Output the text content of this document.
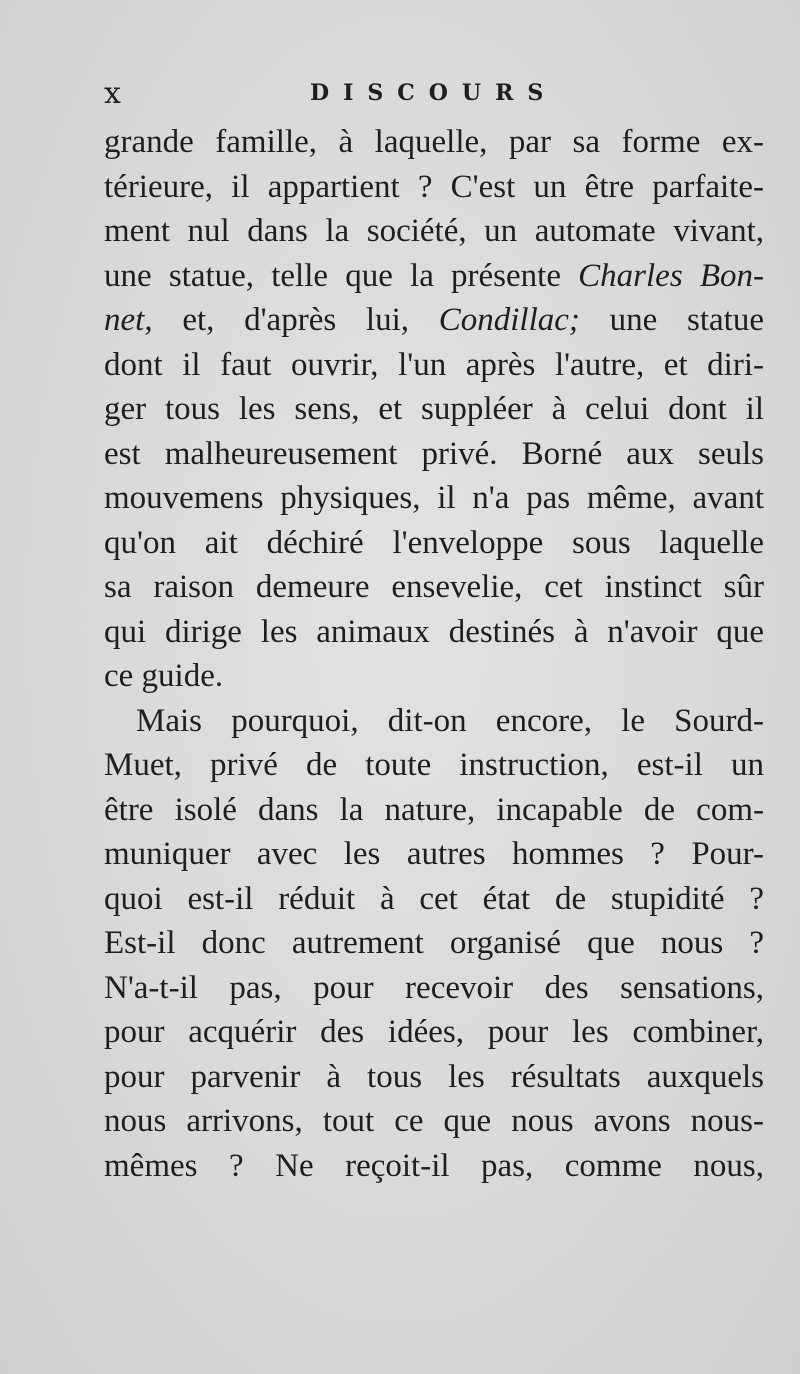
x	DISCOURS
grande famille, à laquelle, par sa forme ex-
térieure, il appartient ? C'est un être parfaite-
ment nul dans la société, un automate vivant,
une statue, telle que la présente Charles Bon-
net, et, d'après lui, Condillac; une statue
dont il faut ouvrir, l'un après l'autre, et diri-
ger tous les sens, et suppléer à celui dont il
est malheureusement privé. Borné aux seuls
mouvemens physiques, il n'a pas même, avant
qu'on ait déchiré l'enveloppe sous laquelle
sa raison demeure ensevelie, cet instinct sûr
qui dirige les animaux destinés à n'avoir que
ce guide.
Mais pourquoi, dit-on encore, le Sourd-
Muet, privé de toute instruction, est-il un
être isolé dans la nature, incapable de com-
muniquer avec les autres hommes ? Pour-
quoi est-il réduit à cet état de stupidité ?
Est-il donc autrement organisé que nous ?
N'a-t-il pas, pour recevoir des sensations,
pour acquérir des idées, pour les combiner,
pour parvenir à tous les résultats auxquels
nous arrivons, tout ce que nous avons nous-
mêmes ? Ne reçoit-il pas, comme nous,
